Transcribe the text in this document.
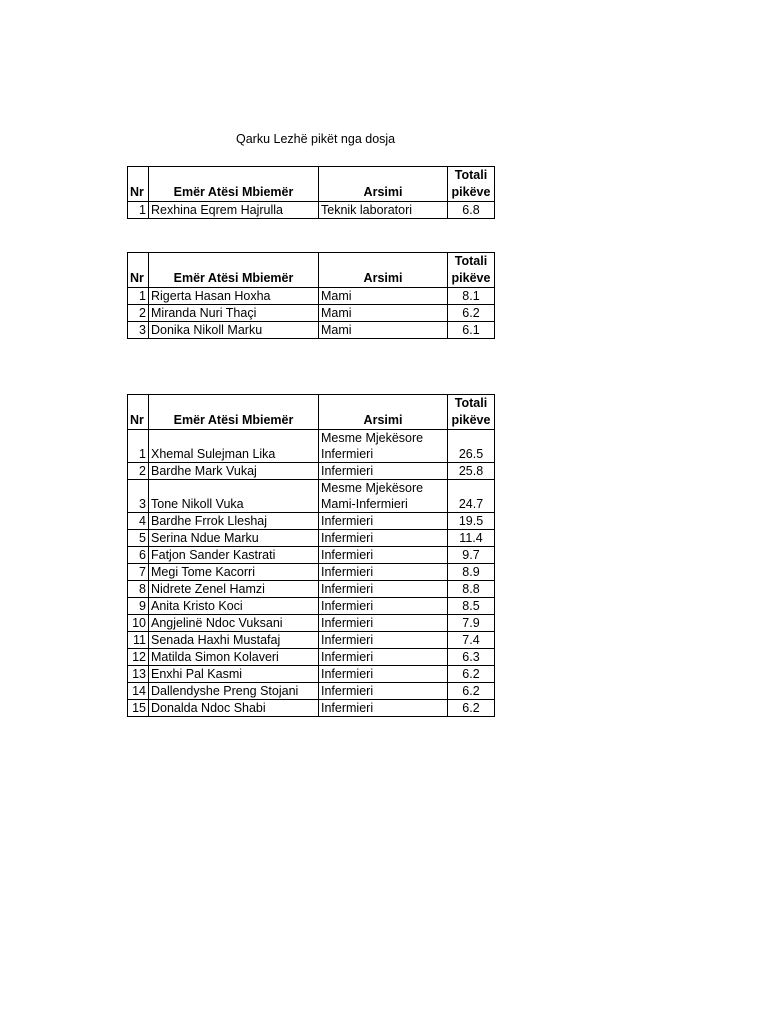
Qarku Lezhë pikët nga dosja
Nr	Emër Atësi Mbiemër	Arsimi	Totali
pikëve
1	Rexhina Eqrem Hajrulla	Teknik laboratori	6.8
Nr	Emër Atësi Mbiemër	Arsimi	Totali
pikëve
1	Rigerta Hasan Hoxha	Mami	8.1
2	Miranda Nuri Thaçi	Mami	6.2
3	Donika Nikoll Marku	Mami	6.1
Nr	Emër Atësi Mbiemër	Arsimi	Totali
pikëve
1	Xhemal Sulejman Lika	Mesme Mjekësore
Infermieri	26.5
2	Bardhe Mark Vukaj	Infermieri	25.8
3	Tone Nikoll Vuka	Mesme Mjekësore
Mami-Infermieri	24.7
4	Bardhe Frrok Lleshaj	Infermieri	19.5
5	Serina Ndue Marku	Infermieri	11.4
6	Fatjon Sander Kastrati	Infermieri	9.7
7	Megi Tome Kacorri	Infermieri	8.9
8	Nidrete Zenel Hamzi	Infermieri	8.8
9	Anita Kristo Koci	Infermieri	8.5
10	Angjelinë Ndoc Vuksani	Infermieri	7.9
11	Senada Haxhi Mustafaj	Infermieri	7.4
12	Matilda Simon Kolaveri	Infermieri	6.3
13	Enxhi Pal Kasmi	Infermieri	6.2
14	Dallendyshe Preng Stojani	Infermieri	6.2
15	Donalda Ndoc Shabi	Infermieri	6.2
